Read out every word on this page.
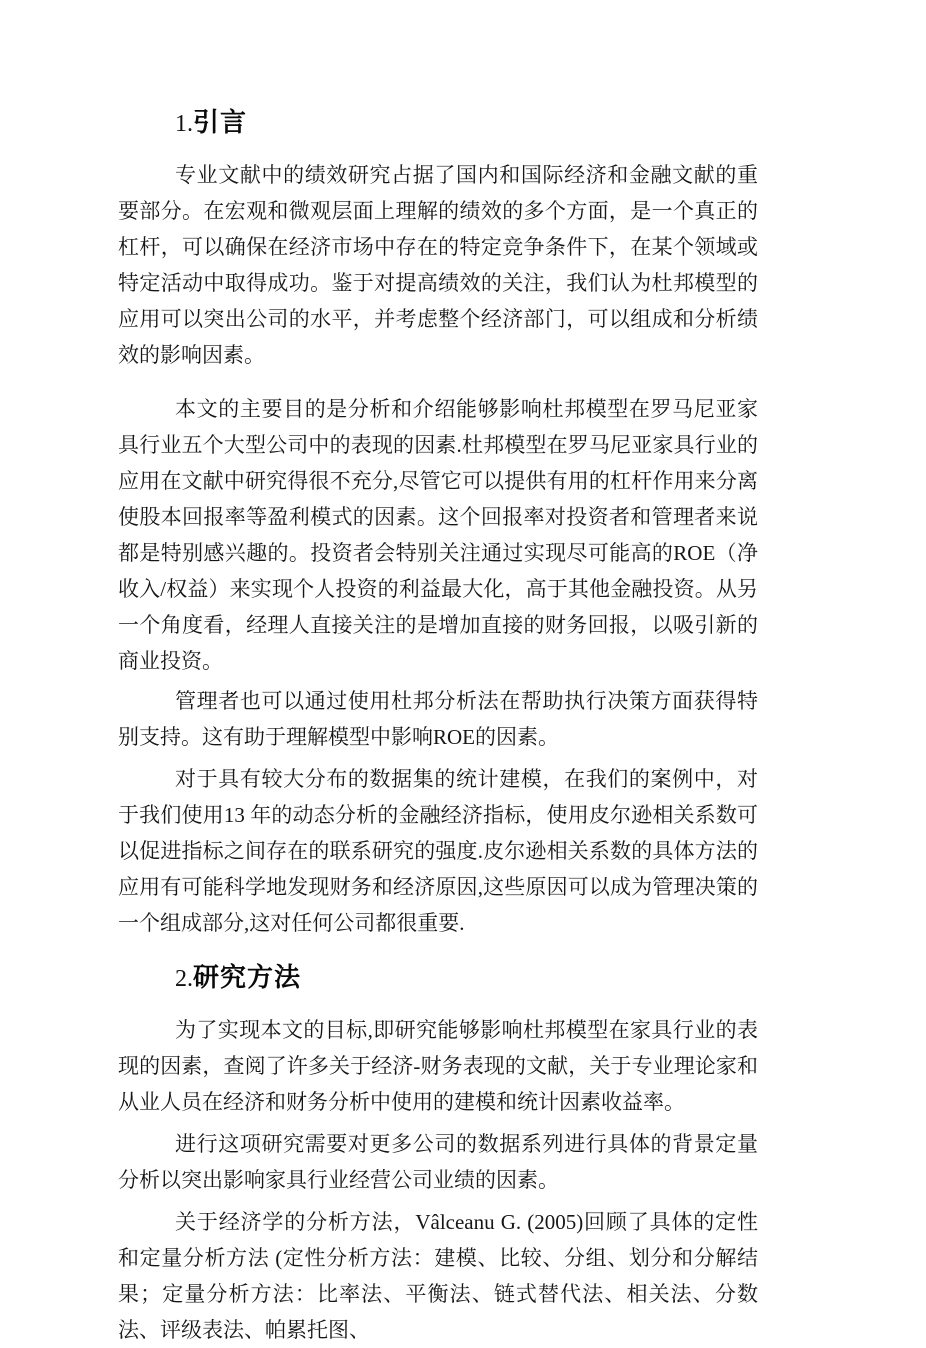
1.引言

专业文献中的绩效研究占据了国内和国际经济和金融文献的重要部分。在宏观和微观层面上理解的绩效的多个方面，是一个真正的杠杆，可以确保在经济市场中存在的特定竞争条件下，在某个领域或特定活动中取得成功。鉴于对提高绩效的关注，我们认为杜邦模型的应用可以突出公司的水平，并考虑整个经济部门，可以组成和分析绩效的影响因素。

本文的主要目的是分析和介绍能够影响杜邦模型在罗马尼亚家具行业五个大型公司中的表现的因素.杜邦模型在罗马尼亚家具行业的应用在文献中研究得很不充分,尽管它可以提供有用的杠杆作用来分离使股本回报率等盈利模式的因素。这个回报率对投资者和管理者来说都是特别感兴趣的。投资者会特别关注通过实现尽可能高的ROE（净收入/权益）来实现个人投资的利益最大化，高于其他金融投资。从另一个角度看，经理人直接关注的是增加直接的财务回报，以吸引新的商业投资。

管理者也可以通过使用杜邦分析法在帮助执行决策方面获得特别支持。这有助于理解模型中影响ROE的因素。

对于具有较大分布的数据集的统计建模，在我们的案例中，对于我们使用13 年的动态分析的金融经济指标，使用皮尔逊相关系数可以促进指标之间存在的联系研究的强度.皮尔逊相关系数的具体方法的应用有可能科学地发现财务和经济原因,这些原因可以成为管理决策的一个组成部分,这对任何公司都很重要.

2.研究方法

为了实现本文的目标,即研究能够影响杜邦模型在家具行业的表现的因素，查阅了许多关于经济-财务表现的文献，关于专业理论家和从业人员在经济和财务分析中使用的建模和统计因素收益率。

进行这项研究需要对更多公司的数据系列进行具体的背景定量分析以突出影响家具行业经营公司业绩的因素。

关于经济学的分析方法，Vâlceanu G. (2005)回顾了具体的定性和定量分析方法 (定性分析方法：建模、比较、分组、划分和分解结果；定量分析方法：比率法、平衡法、链式替代法、相关法、分数法、评级表法、帕累托图、
